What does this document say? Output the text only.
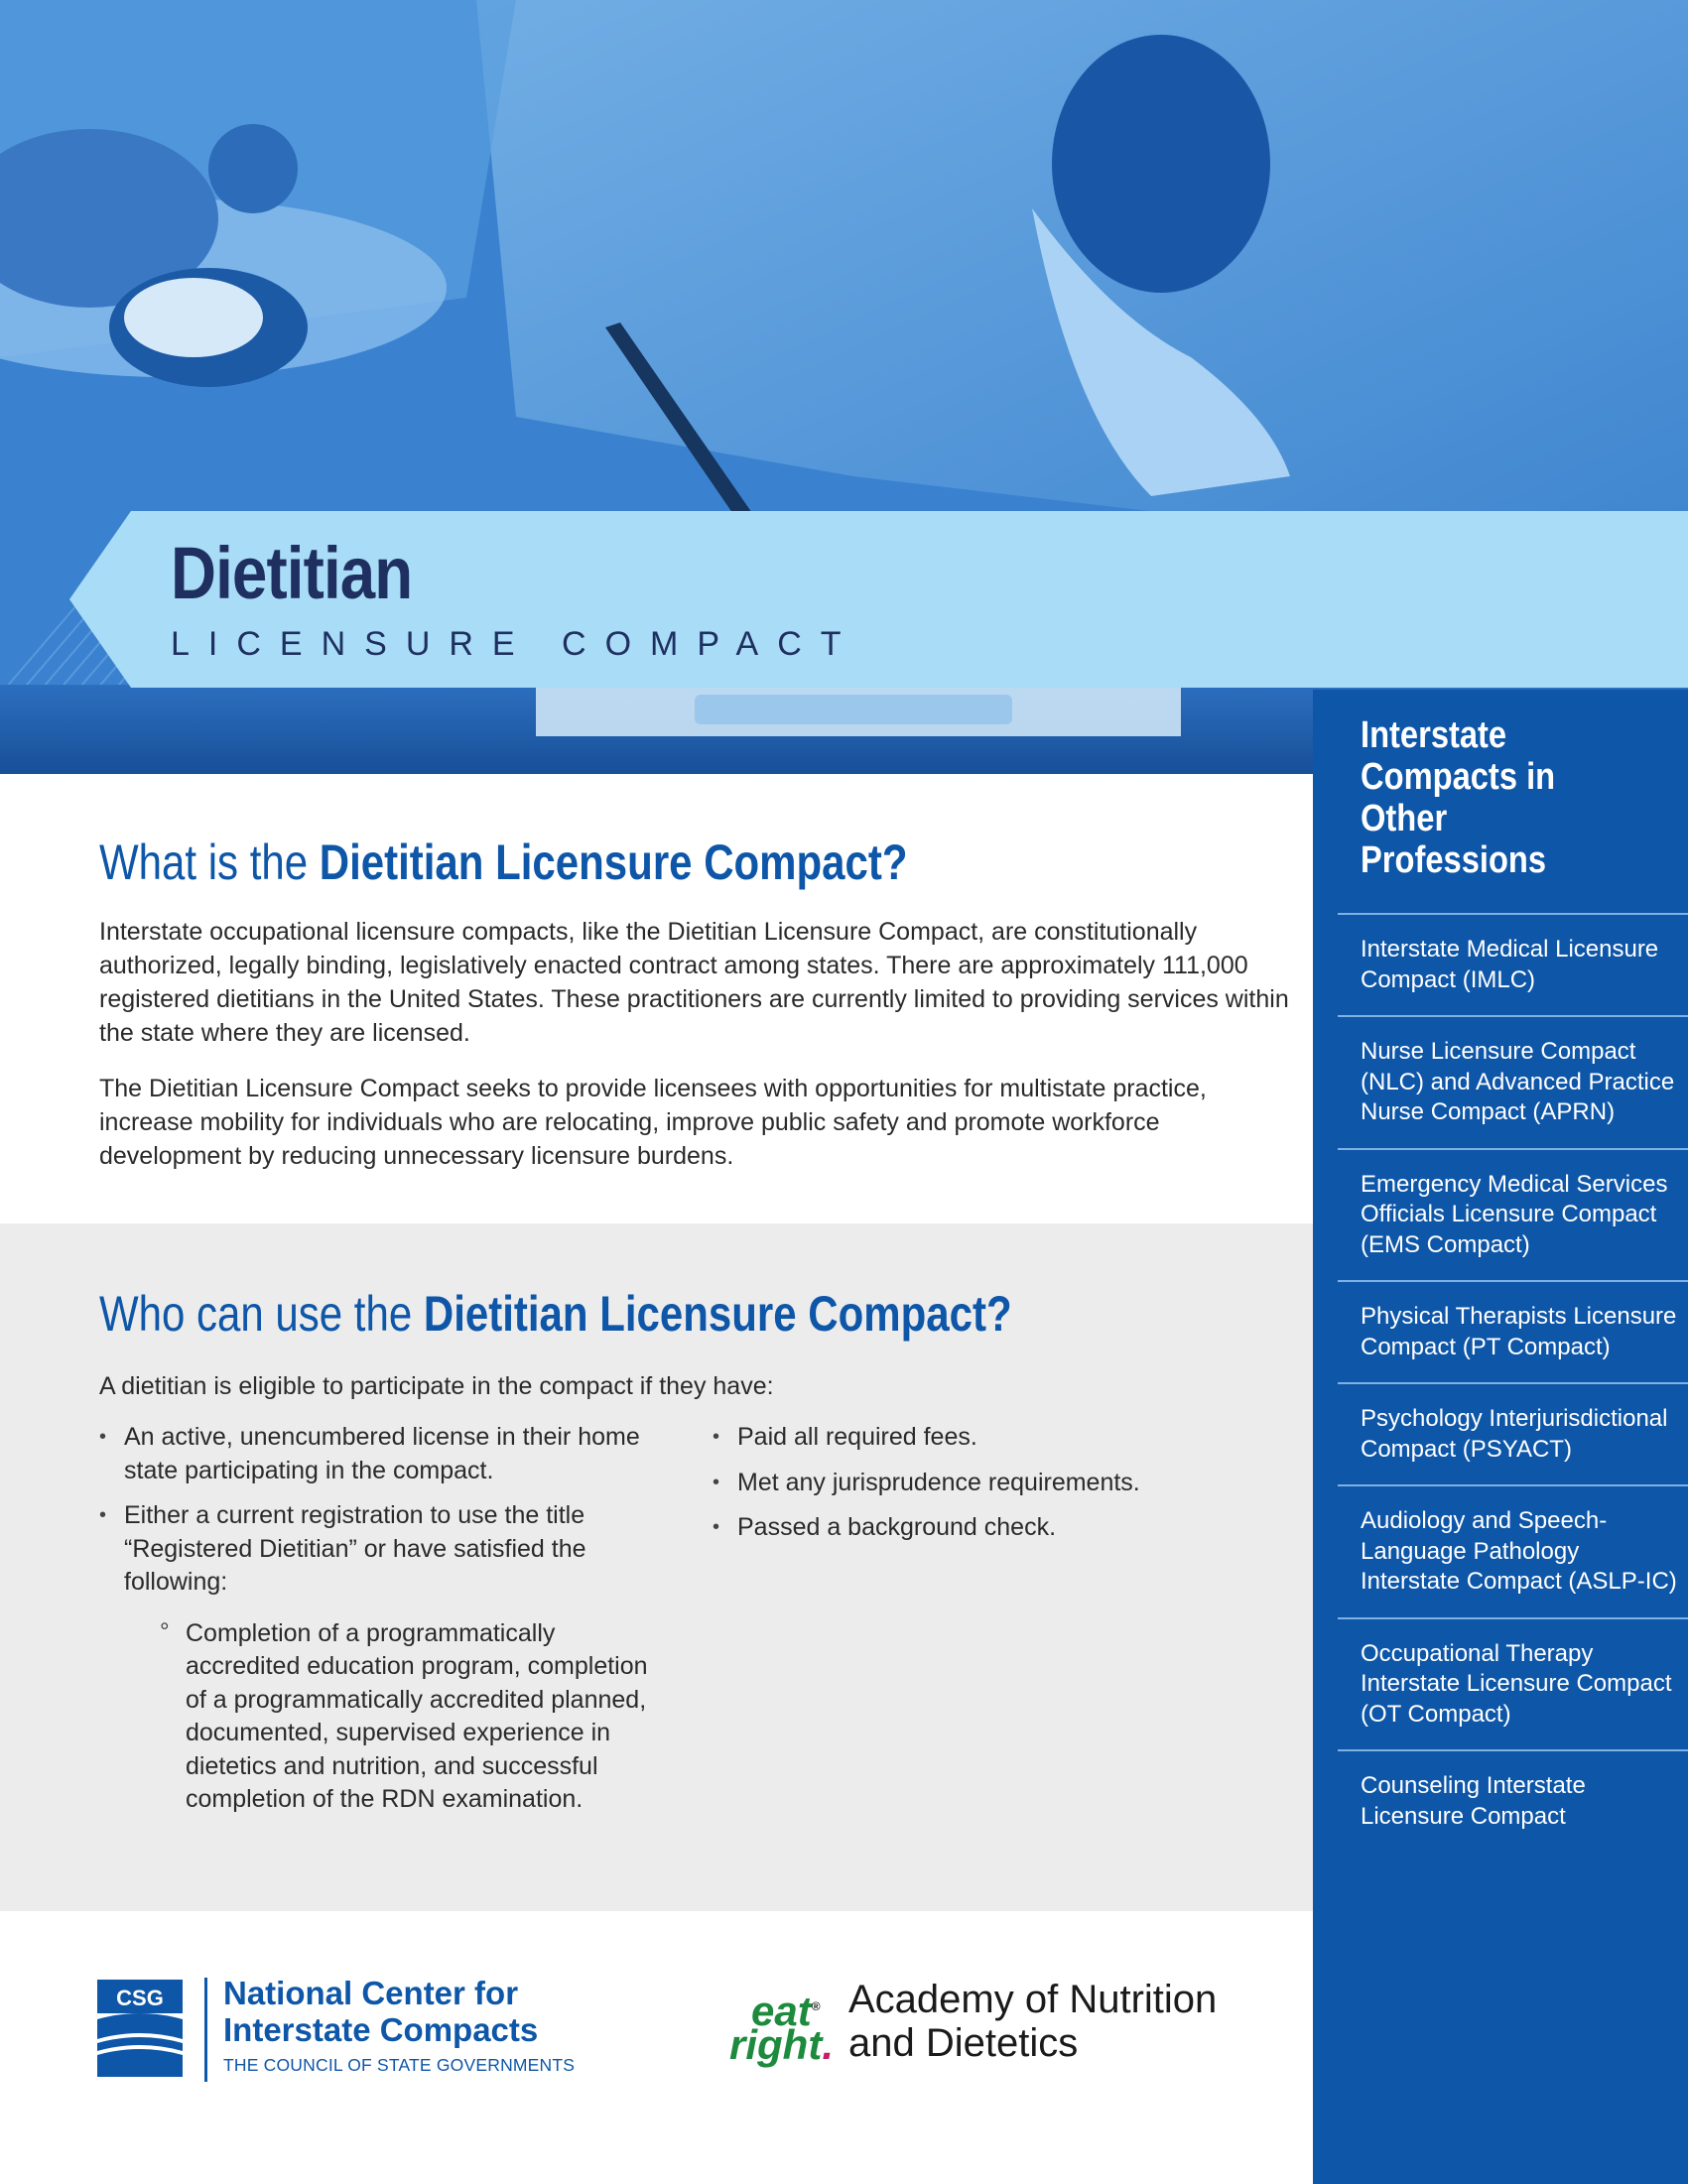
Dietitian
LICENSURE COMPACT
What is the Dietitian Licensure Compact?
Interstate occupational licensure compacts, like the Dietitian Licensure Compact, are constitutionally authorized, legally binding, legislatively enacted contract among states. There are approximately 111,000 registered dietitians in the United States. These practitioners are currently limited to providing services within the state where they are licensed.
The Dietitian Licensure Compact seeks to provide licensees with opportunities for multistate practice, increase mobility for individuals who are relocating, improve public safety and promote workforce development by reducing unnecessary licensure burdens.
Who can use the Dietitian Licensure Compact?
A dietitian is eligible to participate in the compact if they have:
• An active, unencumbered license in their home state participating in the compact.
• Either a current registration to use the title “Registered Dietitian” or have satisfied the following:
° Completion of a programmatically accredited education program, completion of a programmatically accredited planned, documented, supervised experience in dietetics and nutrition, and successful completion of the RDN examination.
• Paid all required fees.
• Met any jurisprudence requirements.
• Passed a background check.
CSG National Center for
Interstate Compacts
THE COUNCIL OF STATE GOVERNMENTS
eat®
right.
Academy of Nutrition
and Dietetics
Interstate Compacts in Other Professions
Interstate Medical Licensure Compact (IMLC)
Nurse Licensure Compact (NLC) and Advanced Practice Nurse Compact (APRN)
Emergency Medical Services Officials Licensure Compact (EMS Compact)
Physical Therapists Licensure Compact (PT Compact)
Psychology Interjurisdictional Compact (PSYACT)
Audiology and Speech-Language Pathology Interstate Compact (ASLP-IC)
Occupational Therapy Interstate Licensure Compact (OT Compact)
Counseling Interstate Licensure Compact
